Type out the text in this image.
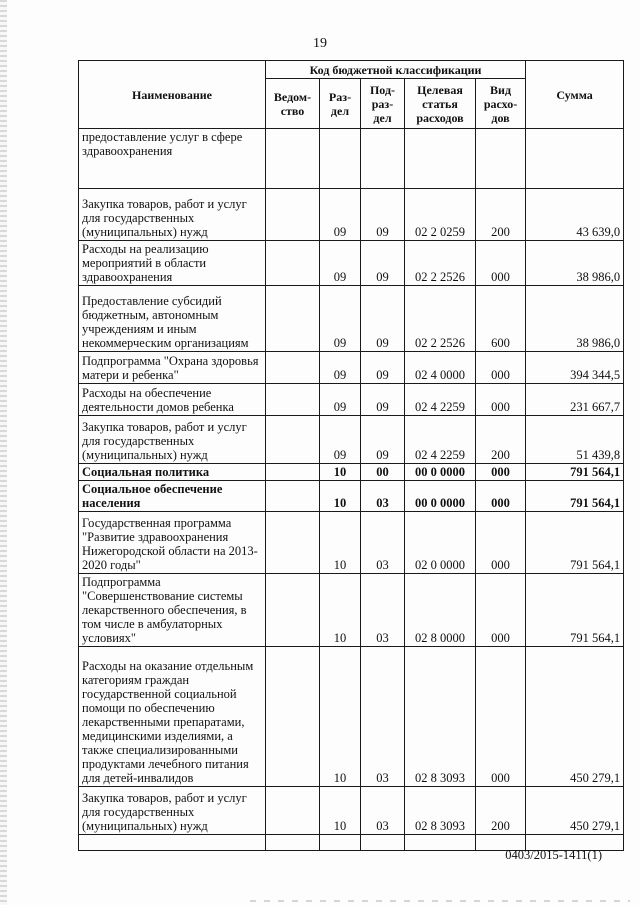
19
Наименование	Код бюджетной классификации					Сумма
	Ведом-ство	Раз-дел	Под-раз-дел	Целевая статья расходов	Вид расхо-дов	
предоставление услуг в сфере здравоохранения						
Закупка товаров, работ и услуг для государственных (муниципальных) нужд		09	09	02 2 0259	200	43 639,0
Расходы на реализацию мероприятий в области здравоохранения		09	09	02 2 2526	000	38 986,0
Предоставление субсидий бюджетным, автономным учреждениям и иным некоммерческим организациям		09	09	02 2 2526	600	38 986,0
Подпрограмма "Охрана здоровья матери и ребенка"		09	09	02 4 0000	000	394 344,5
Расходы на обеспечение деятельности домов ребенка		09	09	02 4 2259	000	231 667,7
Закупка товаров, работ и услуг для государственных (муниципальных) нужд		09	09	02 4 2259	200	51 439,8
Социальная политика		10	00	00 0 0000	000	791 564,1
Социальное обеспечение населения		10	03	00 0 0000	000	791 564,1
Государственная программа "Развитие здравоохранения Нижегородской области на 2013-2020 годы"		10	03	02 0 0000	000	791 564,1
Подпрограмма "Совершенствование системы лекарственного обеспечения, в том числе в амбулаторных условиях"		10	03	02 8 0000	000	791 564,1
Расходы на оказание отдельным категориям граждан государственной социальной помощи по обеспечению лекарственными препаратами, медицинскими изделиями, а также специализированными продуктами лечебного питания для детей-инвалидов		10	03	02 8 3093	000	450 279,1
Закупка товаров, работ и услуг для государственных (муниципальных) нужд		10	03	02 8 3093	200	450 279,1

0403/2015-1411(1)
